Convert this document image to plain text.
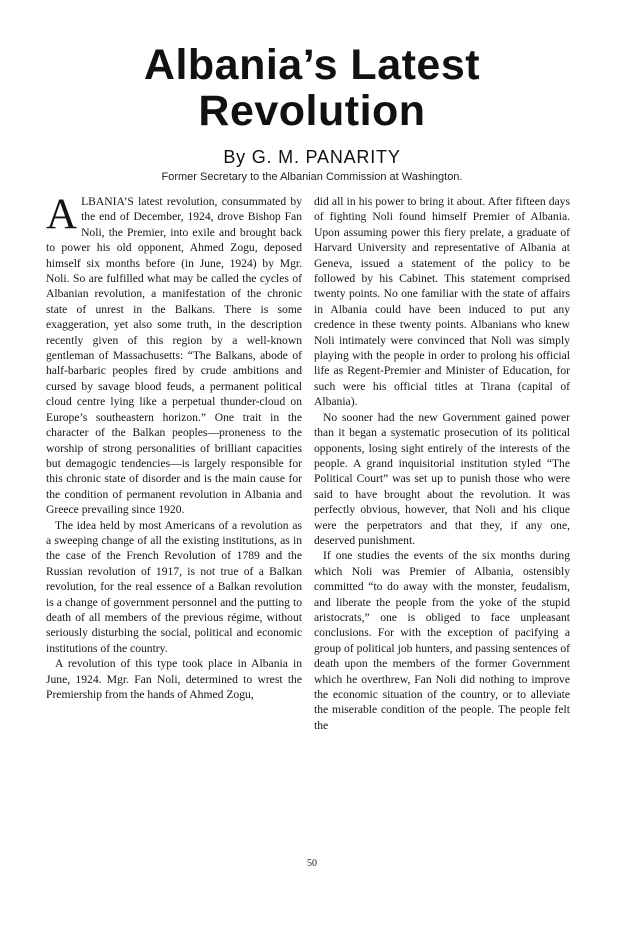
Albania’s Latest
Revolution
By G. M. PANARITY
Former Secretary to the Albanian Commission at Washington.

ALBANIA’S latest revolution, consummated by the end of December, 1924, drove Bishop Fan Noli, the Premier, into exile and brought back to power his old opponent, Ahmed Zogu, deposed himself six months before (in June, 1924) by Mgr. Noli. So are fulfilled what may be called the cycles of Albanian revolution, a manifestation of the chronic state of unrest in the Balkans. There is some exaggeration, yet also some truth, in the description recently given of this region by a well-known gentleman of Massachusetts: “The Balkans, abode of half-barbaric peoples fired by crude ambitions and cursed by savage blood feuds, a permanent political cloud centre lying like a perpetual thunder-cloud on Europe’s southeastern horizon.” One trait in the character of the Balkan peoples—proneness to the worship of strong personalities of brilliant capacities but demagogic tendencies—is largely responsible for this chronic state of disorder and is the main cause for the condition of permanent revolution in Albania and Greece prevailing since 1920.

The idea held by most Americans of a revolution as a sweeping change of all the existing institutions, as in the case of the French Revolution of 1789 and the Russian revolution of 1917, is not true of a Balkan revolution, for the real essence of a Balkan revolution is a change of government personnel and the putting to death of all members of the previous régime, without seriously disturbing the social, political and economic institutions of the country.

A revolution of this type took place in Albania in June, 1924. Mgr. Fan Noli, determined to wrest the Premiership from the hands of Ahmed Zogu,

did all in his power to bring it about. After fifteen days of fighting Noli found himself Premier of Albania. Upon assuming power this fiery prelate, a graduate of Harvard University and representative of Albania at Geneva, issued a statement of the policy to be followed by his Cabinet. This statement comprised twenty points. No one familiar with the state of affairs in Albania could have been induced to put any credence in these twenty points. Albanians who knew Noli intimately were convinced that Noli was simply playing with the people in order to prolong his official life as Regent-Premier and Minister of Education, for such were his official titles at Tirana (capital of Albania).

No sooner had the new Government gained power than it began a systematic prosecution of its political opponents, losing sight entirely of the interests of the people. A grand inquisitorial institution styled “The Political Court” was set up to punish those who were said to have brought about the revolution. It was perfectly obvious, however, that Noli and his clique were the perpetrators and that they, if any one, deserved punishment.

If one studies the events of the six months during which Noli was Premier of Albania, ostensibly committed “to do away with the monster, feudalism, and liberate the people from the yoke of the stupid aristocrats,” one is obliged to face unpleasant conclusions. For with the exception of pacifying a group of political job hunters, and passing sentences of death upon the members of the former Government which he overthrew, Fan Noli did nothing to improve the economic situation of the country, or to alleviate the miserable condition of the people. The people felt the

50
